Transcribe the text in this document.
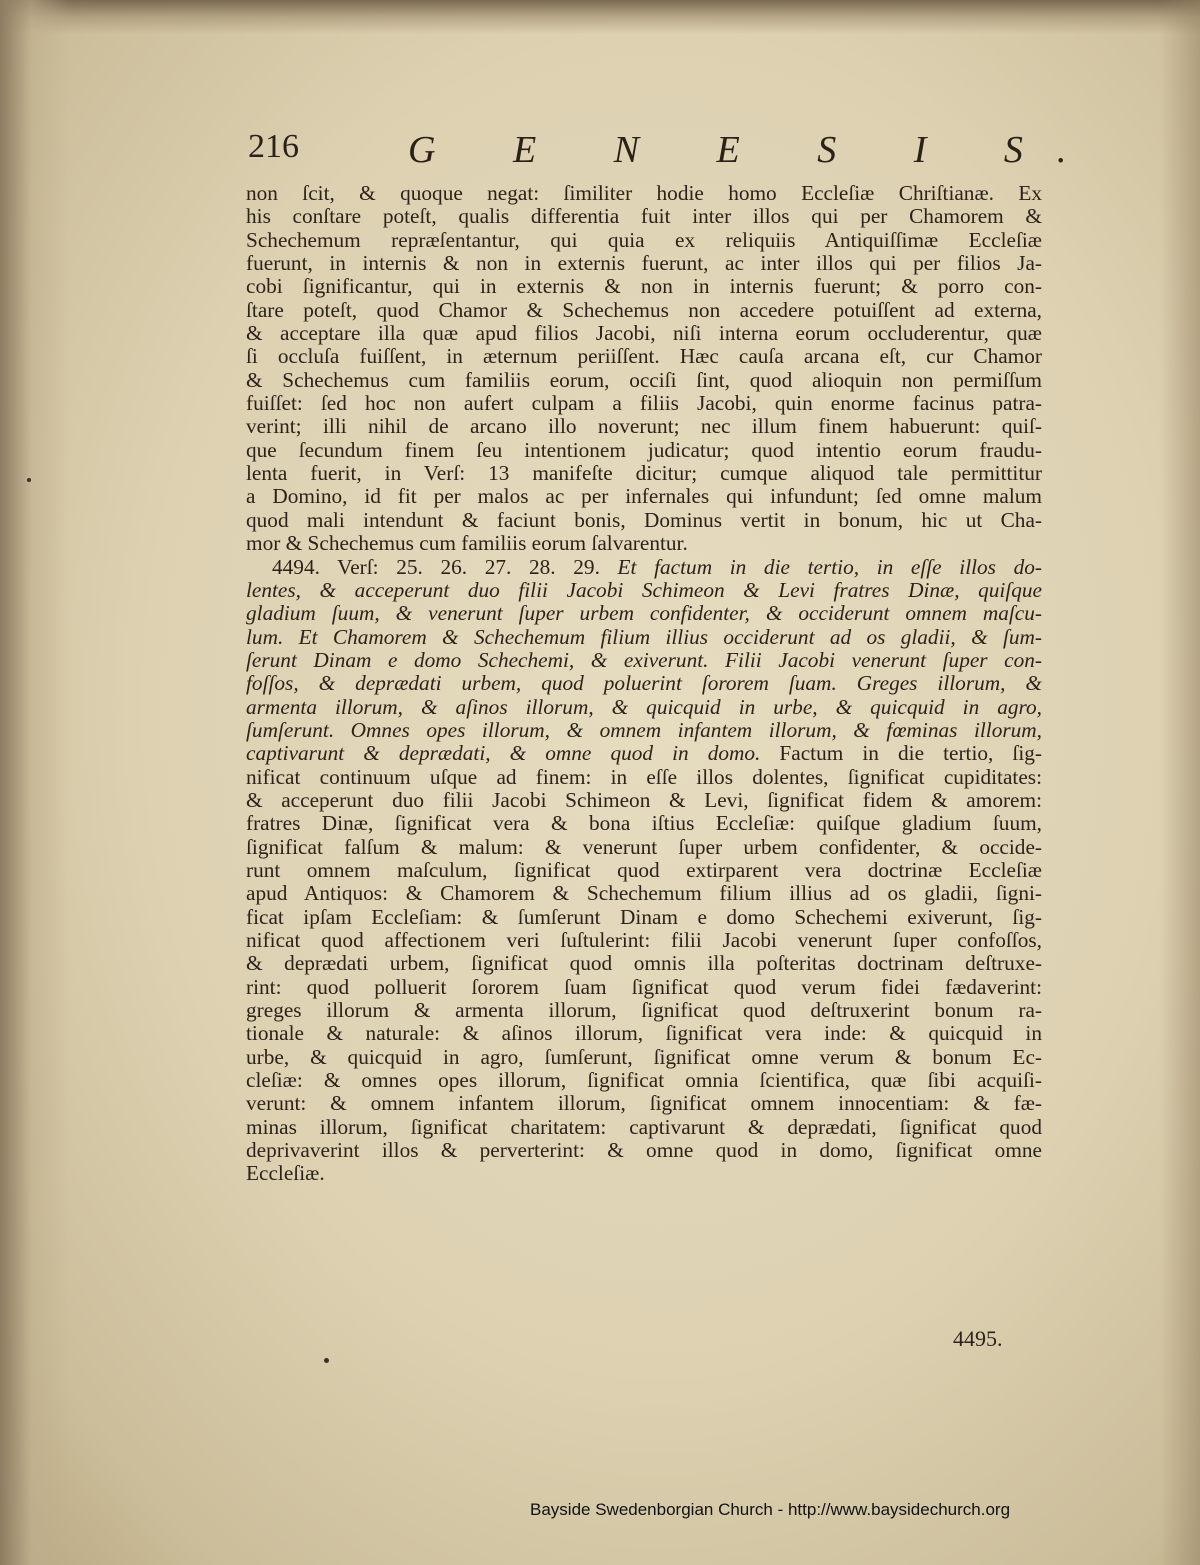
216	G E N E S I S.
non ſcit, & quoque negat: ſimiliter hodie homo Eccleſiæ Chriſtianæ. Ex
his conſtare poteſt, qualis differentia fuit inter illos qui per Chamorem &
Schechemum repræſentantur, qui quia ex reliquiis Antiquiſſimæ Eccleſiæ
fuerunt, in internis & non in externis fuerunt, ac inter illos qui per filios Ja-
cobi ſignificantur, qui in externis & non in internis fuerunt; & porro con-
ſtare poteſt, quod Chamor & Schechemus non accedere potuiſſent ad externa,
& acceptare illa quæ apud filios Jacobi, niſi interna eorum occluderentur, quæ
ſi occluſa fuiſſent, in æternum periiſſent. Hæc cauſa arcana eſt, cur Chamor
& Schechemus cum familiis eorum, occiſi ſint, quod alioquin non permiſſum
fuiſſet: ſed hoc non aufert culpam a filiis Jacobi, quin enorme facinus patra-
verint; illi nihil de arcano illo noverunt; nec illum finem habuerunt: quiſ-
que ſecundum finem ſeu intentionem judicatur; quod intentio eorum fraudu-
lenta fuerit, in Verſ: 13 manifeſte dicitur; cumque aliquod tale permittitur
a Domino, id fit per malos ac per infernales qui infundunt; ſed omne malum
quod mali intendunt & faciunt bonis, Dominus vertit in bonum, hic ut Cha-
mor & Schechemus cum familiis eorum ſalvarentur.
4494. Verſ: 25. 26. 27. 28. 29. Et factum in die tertio, in eſſe illos do-
lentes, & acceperunt duo filii Jacobi Schimeon & Levi fratres Dinæ, quiſque
gladium ſuum, & venerunt ſuper urbem confidenter, & occiderunt omnem maſcu-
lum. Et Chamorem & Schechemum filium illius occiderunt ad os gladii, & ſum-
ſerunt Dinam e domo Schechemi, & exiverunt. Filii Jacobi venerunt ſuper con-
foſſos, & deprædati urbem, quod poluerint ſororem ſuam. Greges illorum, &
armenta illorum, & aſinos illorum, & quicquid in urbe, & quicquid in agro,
ſumſerunt. Omnes opes illorum, & omnem infantem illorum, & fœminas illorum,
captivarunt & deprædati, & omne quod in domo. Factum in die tertio, ſig-
nificat continuum uſque ad finem: in eſſe illos dolentes, ſignificat cupiditates:
& acceperunt duo filii Jacobi Schimeon & Levi, ſignificat fidem & amorem:
fratres Dinæ, ſignificat vera & bona iſtius Eccleſiæ: quiſque gladium ſuum,
ſignificat falſum & malum: & venerunt ſuper urbem confidenter, & occide-
runt omnem maſculum, ſignificat quod extirparent vera doctrinæ Eccleſiæ
apud Antiquos: & Chamorem & Schechemum filium illius ad os gladii, ſigni-
ficat ipſam Eccleſiam: & ſumſerunt Dinam e domo Schechemi exiverunt, ſig-
nificat quod affectionem veri ſuſtulerint: filii Jacobi venerunt ſuper confoſſos,
& deprædati urbem, ſignificat quod omnis illa poſteritas doctrinam deſtruxe-
rint: quod polluerit ſororem ſuam ſignificat quod verum fidei fædaverint:
greges illorum & armenta illorum, ſignificat quod deſtruxerint bonum ra-
tionale & naturale: & aſinos illorum, ſignificat vera inde: & quicquid in
urbe, & quicquid in agro, ſumſerunt, ſignificat omne verum & bonum Ec-
cleſiæ: & omnes opes illorum, ſignificat omnia ſcientifica, quæ ſibi acquiſi-
verunt: & omnem infantem illorum, ſignificat omnem innocentiam: & fæ-
minas illorum, ſignificat charitatem: captivarunt & deprædati, ſignificat quod
deprivaverint illos & perverterint: & omne quod in domo, ſignificat omne
Eccleſiæ.
4495.
Bayside Swedenborgian Church - http://www.baysidechurch.org
